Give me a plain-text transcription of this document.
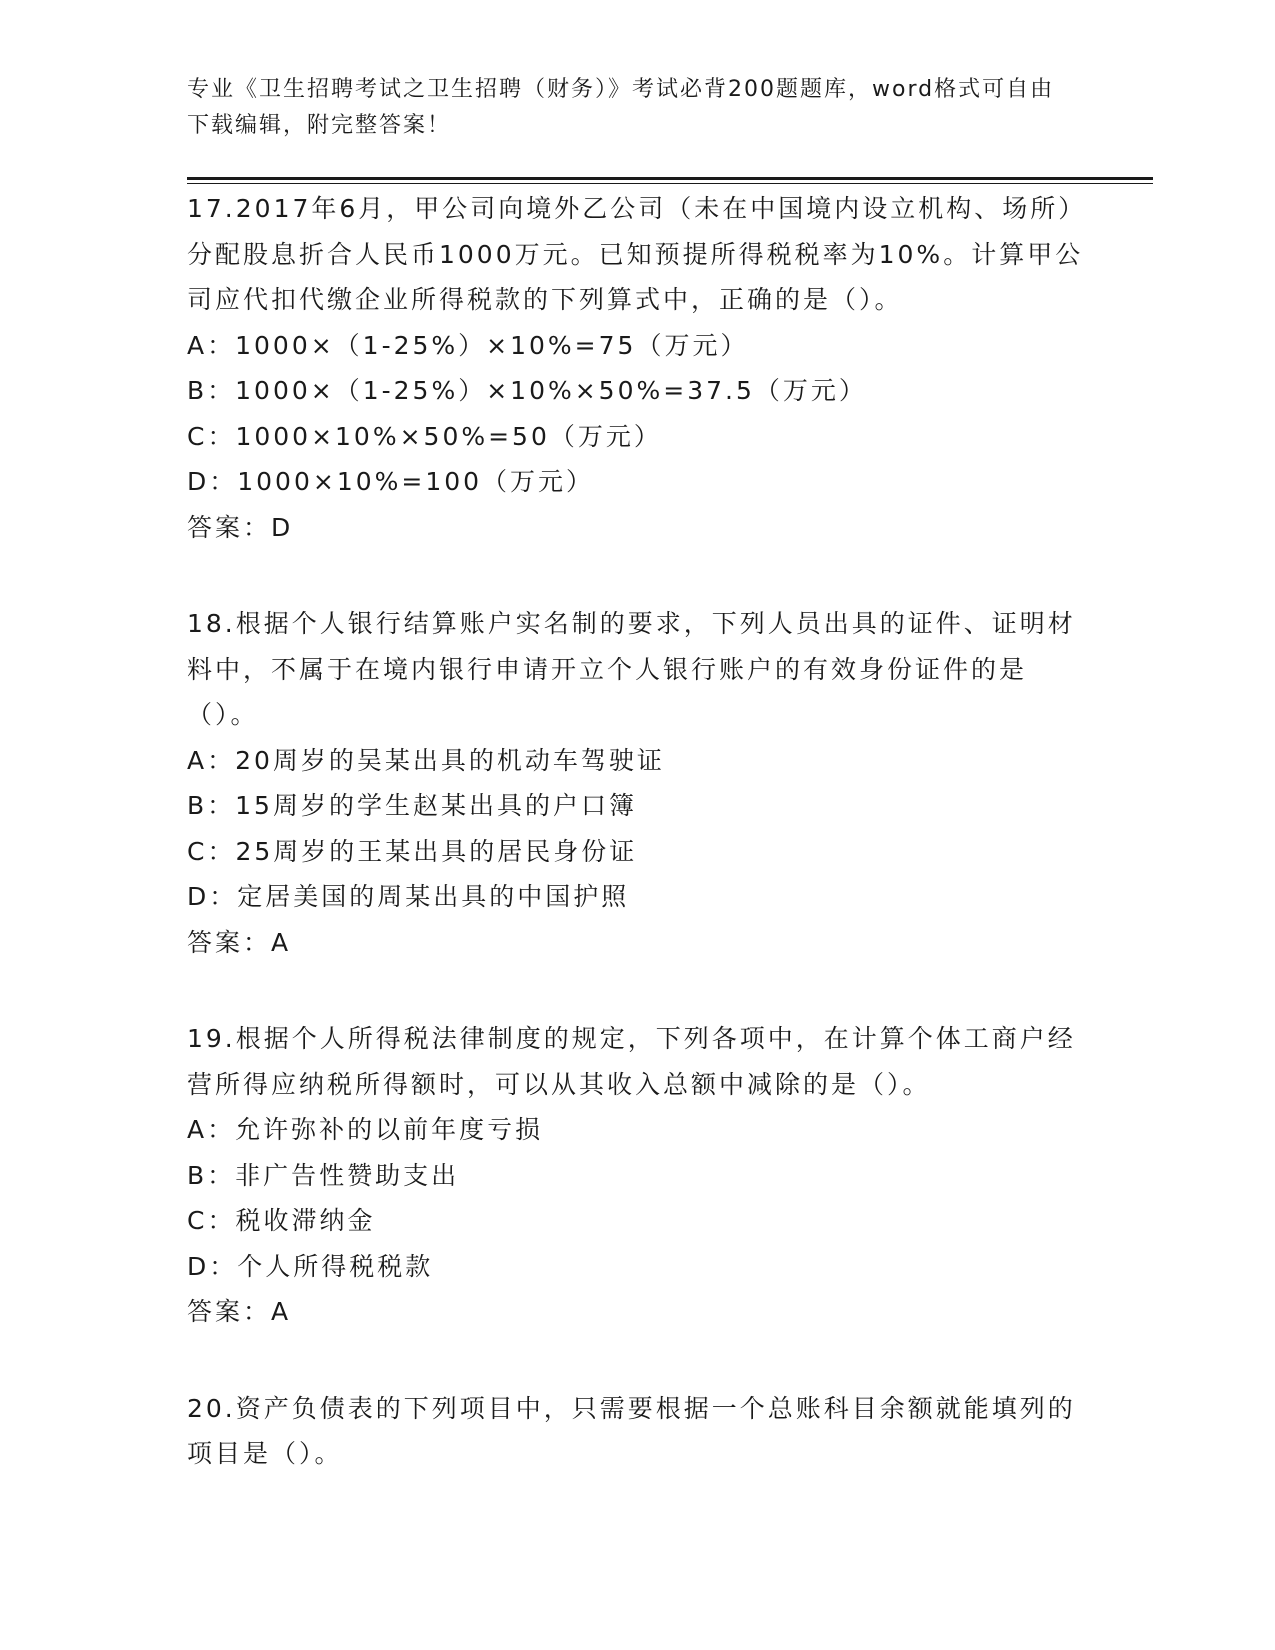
专业《卫生招聘考试之卫生招聘（财务）》考试必背200题题库，word格式可自由下载编辑，附完整答案！
17.2017年6月，甲公司向境外乙公司（未在中国境内设立机构、场所）分配股息折合人民币1000万元。已知预提所得税税率为10%。计算甲公司应代扣代缴企业所得税款的下列算式中，正确的是（）。
A：1000×（1-25%）×10%=75（万元）
B：1000×（1-25%）×10%×50%=37.5（万元）
C：1000×10%×50%=50（万元）
D：1000×10%=100（万元）
答案：D
18.根据个人银行结算账户实名制的要求，下列人员出具的证件、证明材料中，不属于在境内银行申请开立个人银行账户的有效身份证件的是（）。
A：20周岁的吴某出具的机动车驾驶证
B：15周岁的学生赵某出具的户口簿
C：25周岁的王某出具的居民身份证
D：定居美国的周某出具的中国护照
答案：A
19.根据个人所得税法律制度的规定，下列各项中，在计算个体工商户经营所得应纳税所得额时，可以从其收入总额中减除的是（）。
A：允许弥补的以前年度亏损
B：非广告性赞助支出
C：税收滞纳金
D：个人所得税税款
答案：A
20.资产负债表的下列项目中，只需要根据一个总账科目余额就能填列的项目是（）。
